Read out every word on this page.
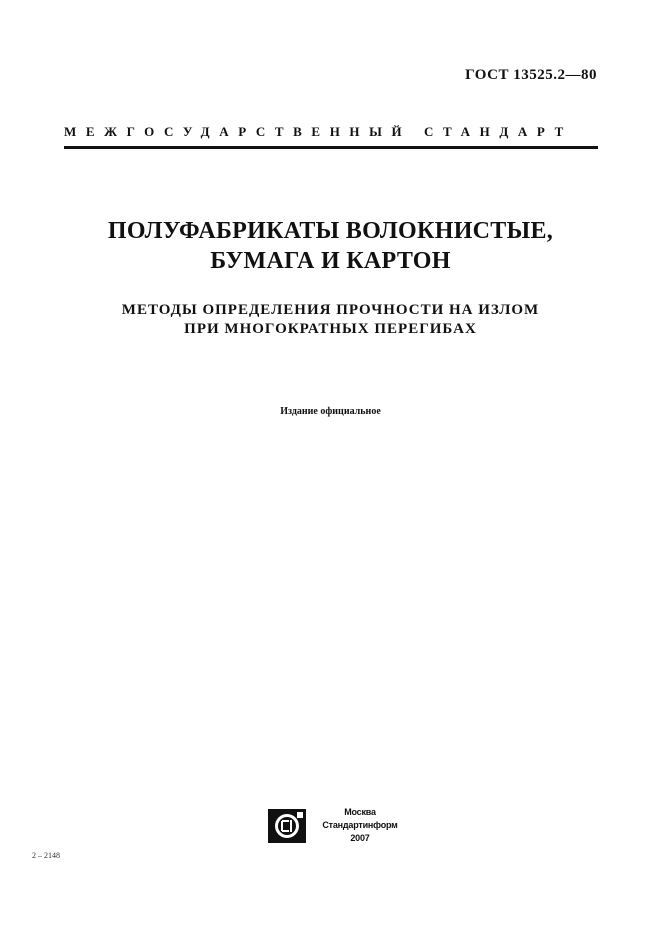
ГОСТ 13525.2—80
МЕЖГОСУДАРСТВЕННЫЙ СТАНДАРТ
ПОЛУФАБРИКАТЫ ВОЛОКНИСТЫЕ,
БУМАГА И КАРТОН
МЕТОДЫ ОПРЕДЕЛЕНИЯ ПРОЧНОСТИ НА ИЗЛОМ
ПРИ МНОГОКРАТНЫХ ПЕРЕГИБАХ
Издание официальное
Москва
Стандартинформ
2007
2 – 2148
